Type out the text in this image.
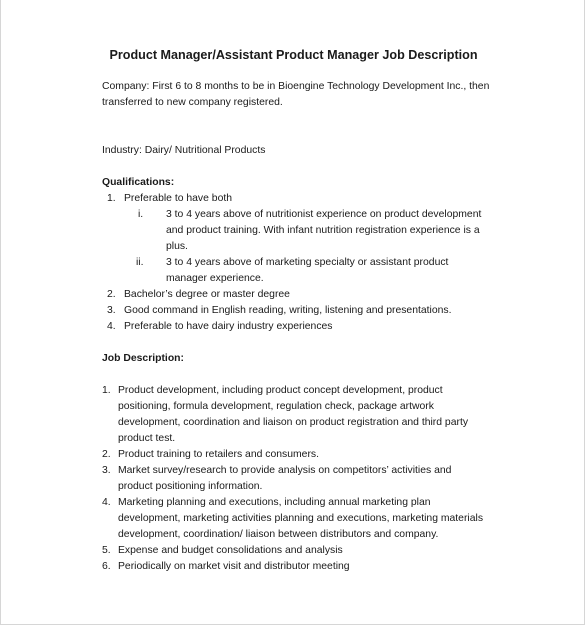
Product Manager/Assistant Product Manager Job Description
Company: First 6 to 8 months to be in Bioengine Technology Development Inc., then
transferred to new company registered.
Industry: Dairy/ Nutritional Products
Qualifications:
1. Preferable to have both
i. 3 to 4 years above of nutritionist experience on product development
and product training. With infant nutrition registration experience is a
plus.
ii. 3 to 4 years above of marketing specialty or assistant product
manager experience.
2. Bachelor’s degree or master degree
3. Good command in English reading, writing, listening and presentations.
4. Preferable to have dairy industry experiences
Job Description:
1. Product development, including product concept development, product
positioning, formula development, regulation check, package artwork
development, coordination and liaison on product registration and third party
product test.
2. Product training to retailers and consumers.
3. Market survey/research to provide analysis on competitors’ activities and
product positioning information.
4. Marketing planning and executions, including annual marketing plan
development, marketing activities planning and executions, marketing materials
development, coordination/ liaison between distributors and company.
5. Expense and budget consolidations and analysis
6. Periodically on market visit and distributor meeting
